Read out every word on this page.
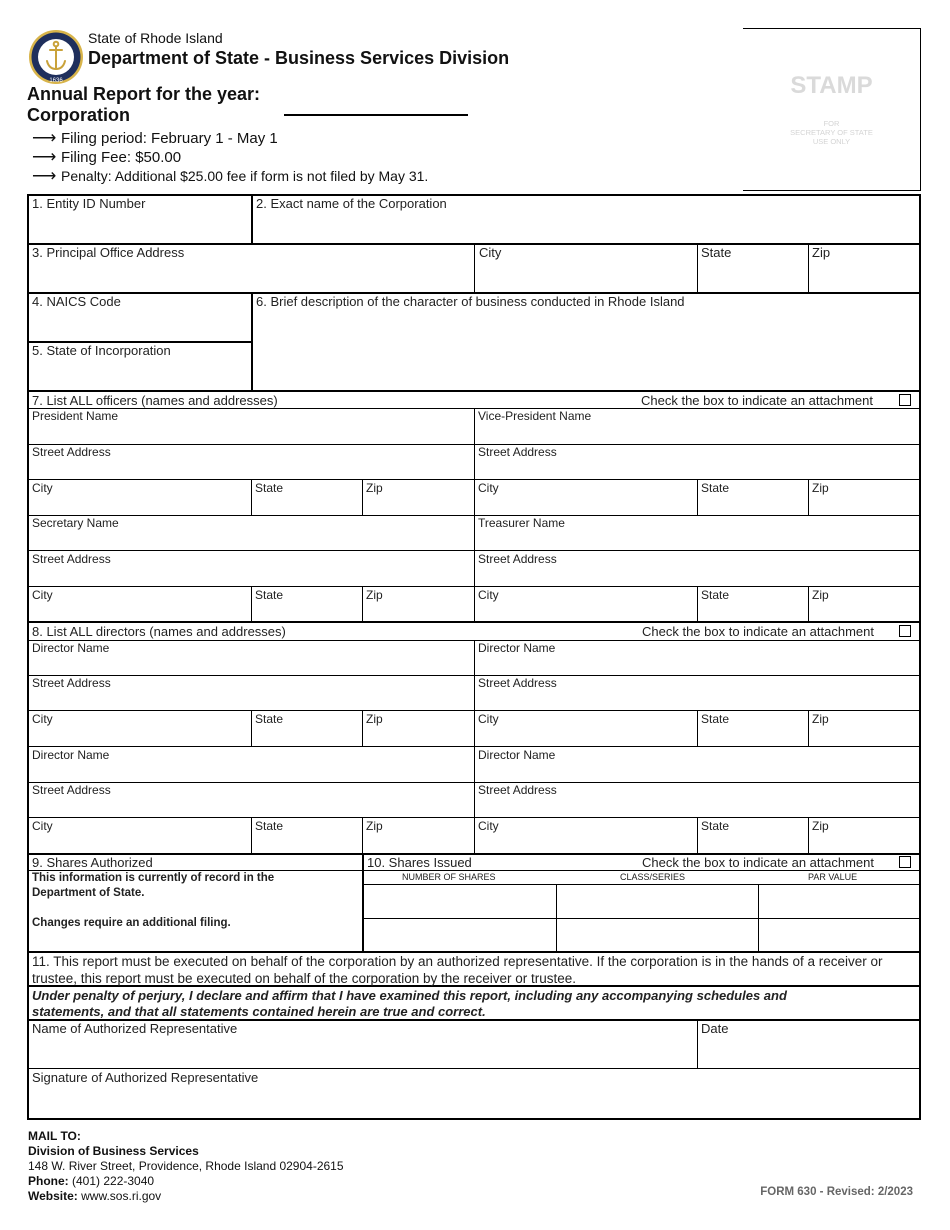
1636
State of Rhode Island
Department of State - Business Services Division
Annual Report for the year:
Corporation
⟶ Filing period: February 1 - May 1
⟶ Filing Fee: $50.00
⟶ Penalty: Additional $25.00 fee if form is not filed by May 31.
STAMP
FOR
SECRETARY OF STATE
USE ONLY
1. Entity ID Number	2. Exact name of the Corporation
3. Principal Office Address	City	State	Zip
4. NAICS Code	6. Brief description of the character of business conducted in Rhode Island
5. State of Incorporation
7. List ALL officers (names and addresses)	Check the box to indicate an attachment
President Name	Vice-President Name
Street Address	Street Address
City	State	Zip	City	State	Zip
Secretary Name	Treasurer Name
Street Address	Street Address
City	State	Zip	City	State	Zip
8. List ALL directors (names and addresses)	Check the box to indicate an attachment
Director Name	Director Name
Street Address	Street Address
City	State	Zip	City	State	Zip
Director Name	Director Name
Street Address	Street Address
City	State	Zip	City	State	Zip
9. Shares Authorized	10. Shares Issued	Check the box to indicate an attachment
This information is currently of record in the
Department of State.
Changes require an additional filing.
NUMBER OF SHARES	CLASS/SERIES	PAR VALUE
11. This report must be executed on behalf of the corporation by an authorized representative. If the corporation is in the hands of a receiver or
trustee, this report must be executed on behalf of the corporation by the receiver or trustee.
Under penalty of perjury, I declare and affirm that I have examined this report, including any accompanying schedules and
statements, and that all statements contained herein are true and correct.
Name of Authorized Representative	Date
Signature of Authorized Representative
MAIL TO:
Division of Business Services
148 W. River Street, Providence, Rhode Island 02904-2615
Phone: (401) 222-3040
Website: www.sos.ri.gov	FORM 630 - Revised: 2/2023
